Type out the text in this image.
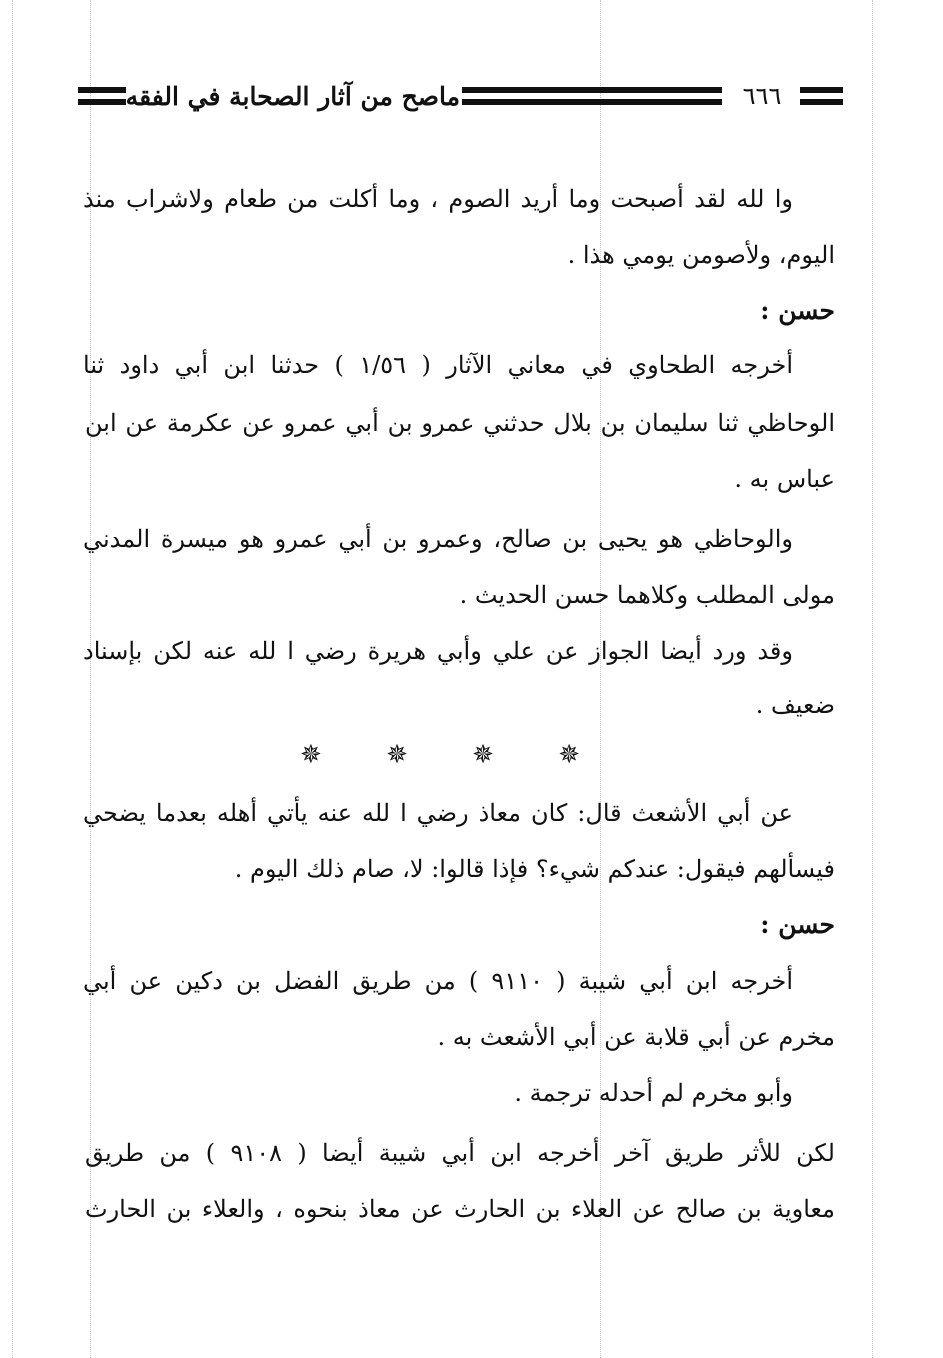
٦٦٦
ماصح من آثار الصحابة في الفقه
وا لله لقد أصبحت وما أريد الصوم ، وما أكلت من طعام ولاشراب منذ
اليوم، ولأصومن يومي هذا .
حسن :
أخرجه الطحاوي في معاني الآثار ( ١/٥٦ ) حدثنا ابن أبي داود ثنا
الوحاظي ثنا سليمان بن بلال حدثني عمرو بن أبي عمرو عن عكرمة عن ابن
عباس به .
والوحاظي هو يحيى بن صالح، وعمرو بن أبي عمرو هو ميسرة المدني
مولى المطلب وكلاهما حسن الحديث .
وقد ورد أيضا الجواز عن علي وأبي هريرة رضي ا لله عنه لكن بإسناد
ضعيف .
✵ ✵ ✵ ✵
عن أبي الأشعث قال: كان معاذ رضي ا لله عنه يأتي أهله بعدما يضحي
فيسألهم فيقول: عندكم شيء؟ فإذا قالوا: لا، صام ذلك اليوم .
حسن :
أخرجه ابن أبي شيبة ( ٩١١٠ ) من طريق الفضل بن دكين عن أبي
مخرم عن أبي قلابة عن أبي الأشعث به .
وأبو مخرم لم أحدله ترجمة .
لكن للأثر طريق آخر أخرجه ابن أبي شيبة أيضا ( ٩١٠٨ ) من طريق
معاوية بن صالح عن العلاء بن الحارث عن معاذ بنحوه ، والعلاء بن الحارث
